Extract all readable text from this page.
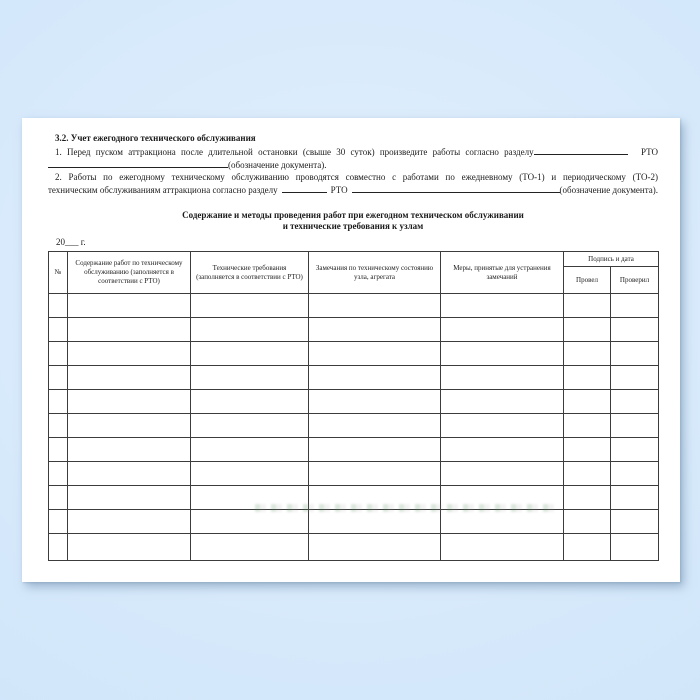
3.2. Учет ежегодного технического обслуживания
1. Перед пуском аттракциона после длительной остановки (свыше 30 суток) произведите работы согласно разделу	РТО
(обозначение документа).
2. Работы по ежегодному техническому обслуживанию проводятся совместно с работами по ежедневному (ТО-1) и периодическому (ТО-2)
техническим обслуживаниям аттракциона согласно разделу	РТО	(обозначение документа).
Содержание и методы проведения работ при ежегодном техническом обслуживании
и технические требования к узлам
20___ г.
№	Содержание работ по техническому обслуживанию (заполняется в соответствии с РТО)	Технические требования (заполняется в соответствии с РТО)	Замечания по техническому состоянию узла, агрегата	Меры, принятые для устранения замечаний	Подпись и дата	
					Провел	Проверил
